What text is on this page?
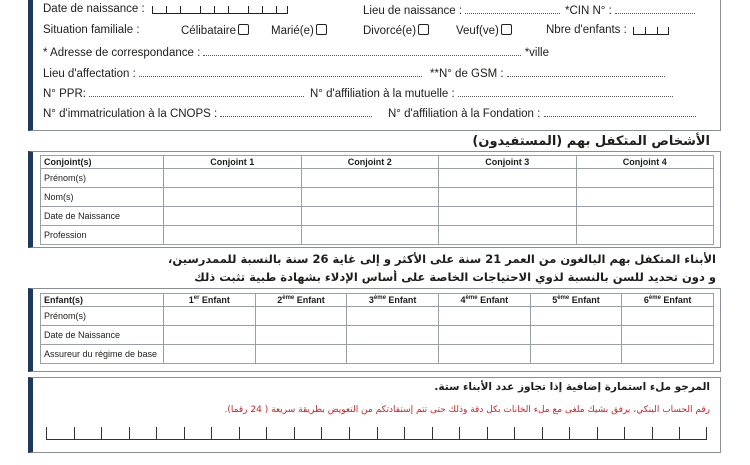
Date de naissance :	Lieu de naissance :	*CIN N° :
Situation familiale :	Célibataire	Marié(e)	Divorcé(e)	Veuf(ve)	Nbre d'enfants :
* Adresse de correspondance :	*ville
Lieu d'affectation :	**N° de GSM :
N° PPR:	N° d'affiliation à la mutuelle :
N° d'immatriculation à la CNOPS :	N° d'affiliation à la Fondation :
الأشخاص المتكفل بهم (المستفيدون)
Conjoint(s)	Conjoint 1	Conjoint 2	Conjoint 3	Conjoint 4
Prénom(s)				
Nom(s)				
Date de Naissance				
Profession				
الأبناء المتكفل بهم البالغون من العمر 21 سنة على الأكثر و إلى غاية 26 سنة بالنسبة للممدرسين،
و دون تحديد للسن بالنسبة لذوي الاحتياجات الخاصة على أساس الإدلاء بشهادة طبية تثبت ذلك
Enfant(s)	1er Enfant	2ème Enfant	3ème Enfant	4ème Enfant	5ème Enfant	6ème Enfant
Prénom(s)						
Date de Naissance						
Assureur du régime de base						
المرجو ملء استمارة إضافية إذا تجاوز عدد الأبناء ستة.
رقم الحساب البنكي، يرفق بشيك ملغى مع ملء الخانات بكل دقة وذلك حتى تتم إستفادتكم من التعويض بطريقة سريعة ( 24 رقما).
